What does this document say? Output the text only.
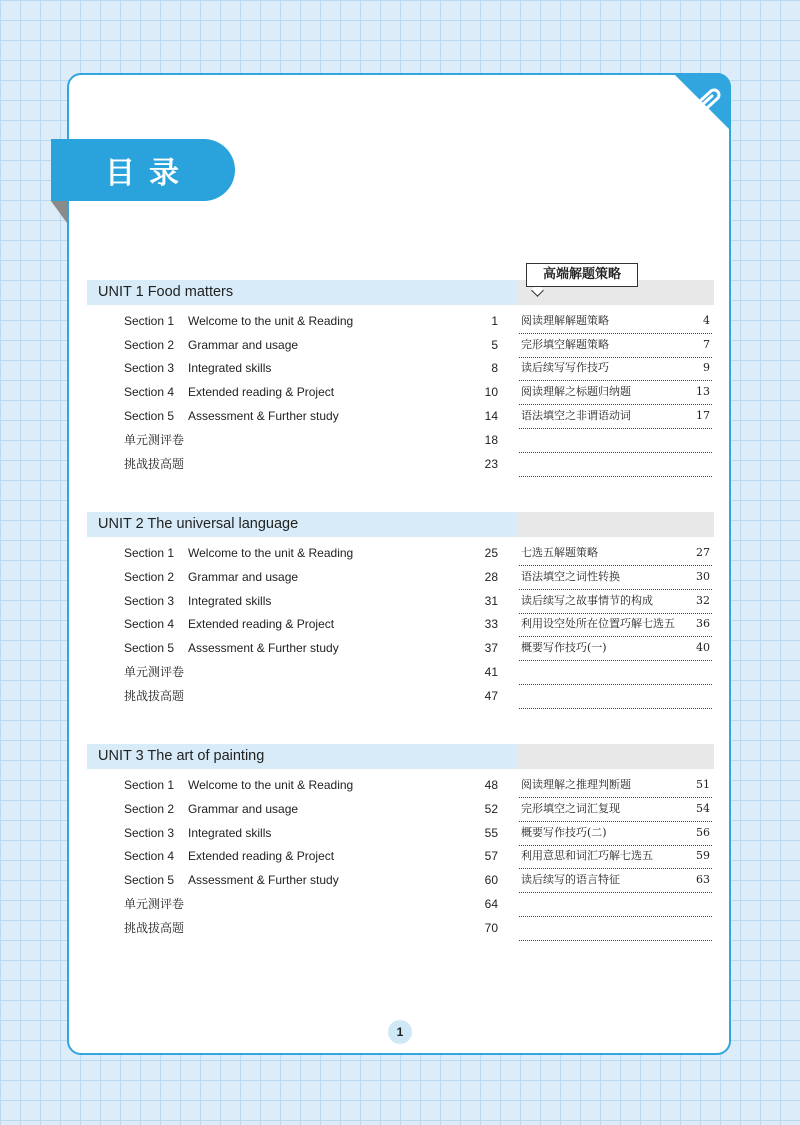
目录
高端解题策略
UNIT 1 Food matters
Section 1 Welcome to the unit & Reading	1
Section 2 Grammar and usage	5
Section 3 Integrated skills	8
Section 4 Extended reading & Project	10
Section 5 Assessment & Further study	14
单元测评卷	18
挑战拔高题	23
阅读理解解题策略	4
完形填空解题策略	7
读后续写写作技巧	9
阅读理解之标题归纳题	13
语法填空之非谓语动词	17
UNIT 2 The universal language
Section 1 Welcome to the unit & Reading	25
Section 2 Grammar and usage	28
Section 3 Integrated skills	31
Section 4 Extended reading & Project	33
Section 5 Assessment & Further study	37
单元测评卷	41
挑战拔高题	47
七选五解题策略	27
语法填空之词性转换	30
读后续写之故事情节的构成	32
利用设空处所在位置巧解七选五 36
概要写作技巧(一)	40
UNIT 3 The art of painting
Section 1 Welcome to the unit & Reading	48
Section 2 Grammar and usage	52
Section 3 Integrated skills	55
Section 4 Extended reading & Project	57
Section 5 Assessment & Further study	60
单元测评卷	64
挑战拔高题	70
阅读理解之推理判断题	51
完形填空之词汇复现	54
概要写作技巧(二)	56
利用意思和词汇巧解七选五	59
读后续写的语言特征	63
1
